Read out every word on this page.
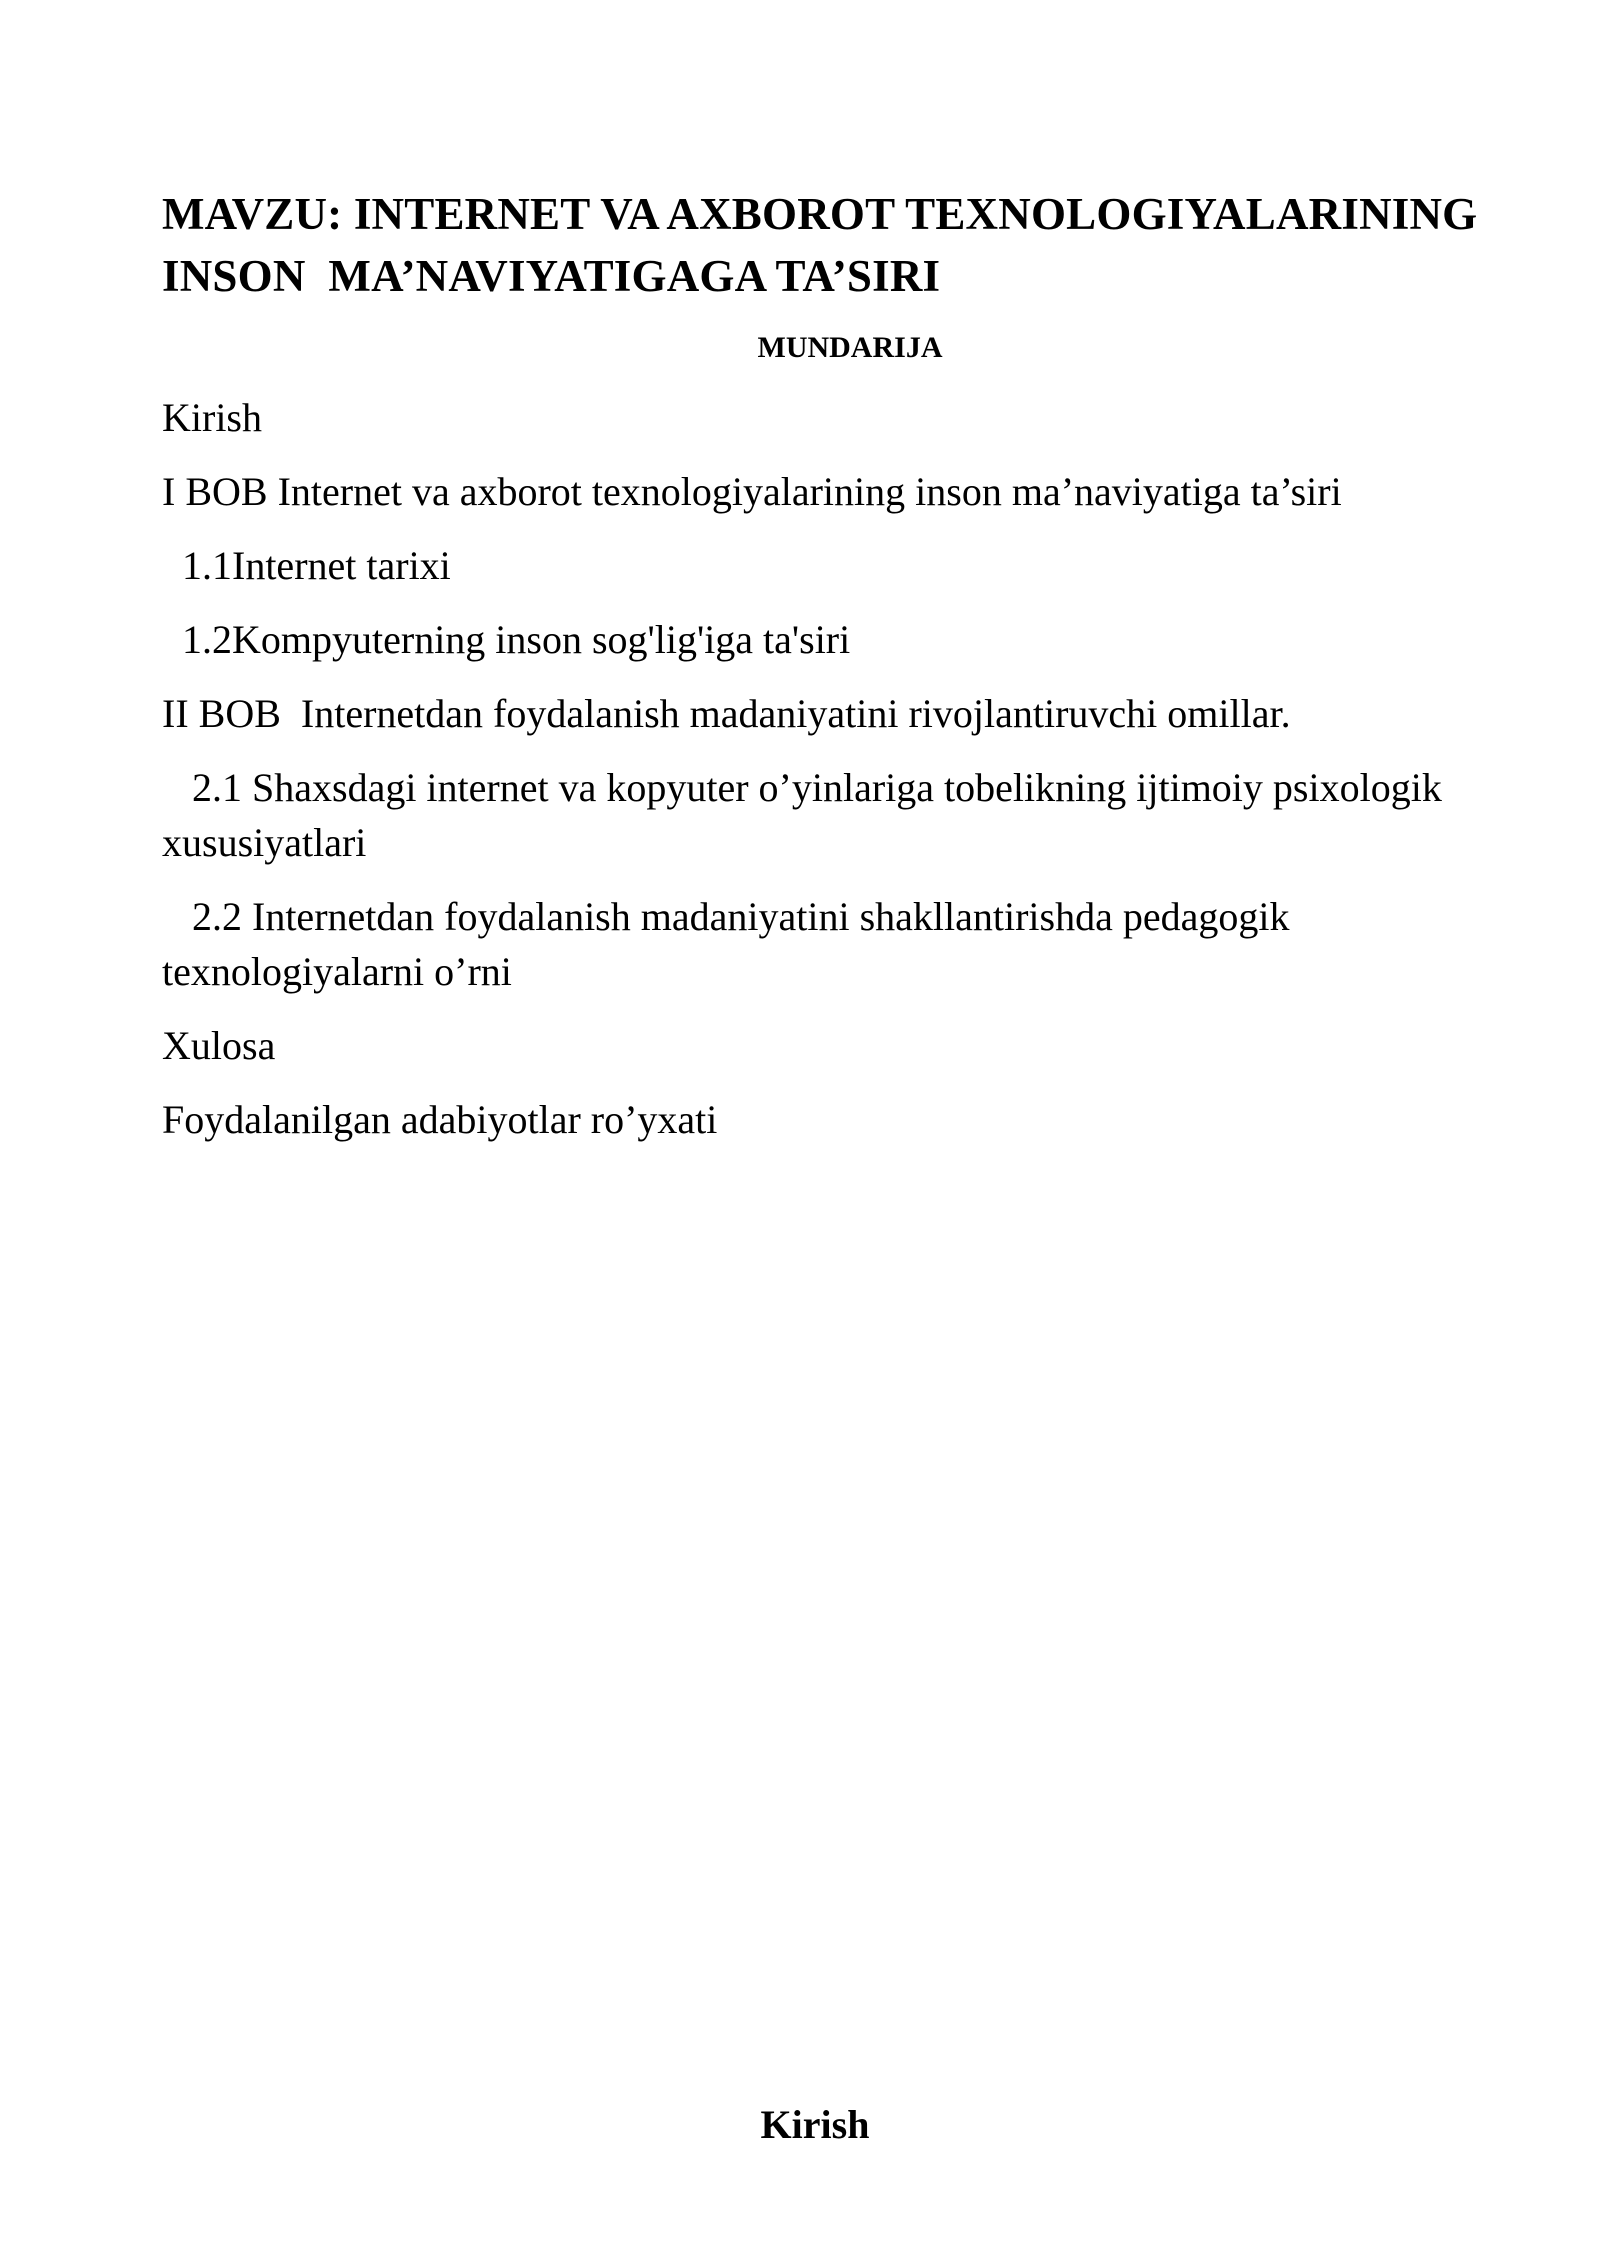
MAVZU: INTERNET VA AXBOROT TEXNOLOGIYALARINING
INSON  MA’NAVIYATIGAGA TA’SIRI
MUNDARIJA
Kirish
I BOB Internet va axborot texnologiyalarining inson ma’naviyatiga ta’siri
1.1Internet tarixi
1.2Kompyuterning inson sog'lig'iga ta'siri
II BOB  Internetdan foydalanish madaniyatini rivojlantiruvchi omillar.
2.1 Shaxsdagi internet va kopyuter o’yinlariga tobelikning ijtimoiy psixologik xususiyatlari
2.2 Internetdan foydalanish madaniyatini shakllantirishda pedagogik texnologiyalarni o’rni
Xulosa
Foydalanilgan adabiyotlar ro’yxati
Kirish
